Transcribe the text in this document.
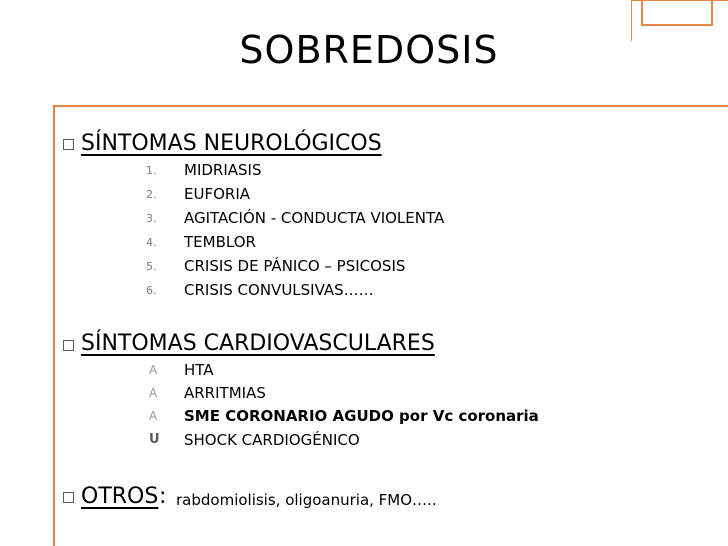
SOBREDOSIS
SÍNTOMAS NEUROLÓGICOS
1. MIDRIASIS
2. EUFORIA
3. AGITACIÓN - CONDUCTA VIOLENTA
4. TEMBLOR
5. CRISIS DE PÁNICO – PSICOSIS
6. CRISIS CONVULSIVAS……
SÍNTOMAS CARDIOVASCULARES
A HTA
A ARRITMIAS
A SME CORONARIO AGUDO por Vc coronaria
U SHOCK CARDIOGÉNICO
OTROS : rabdomiolisis, oligoanuria, FMO…..
